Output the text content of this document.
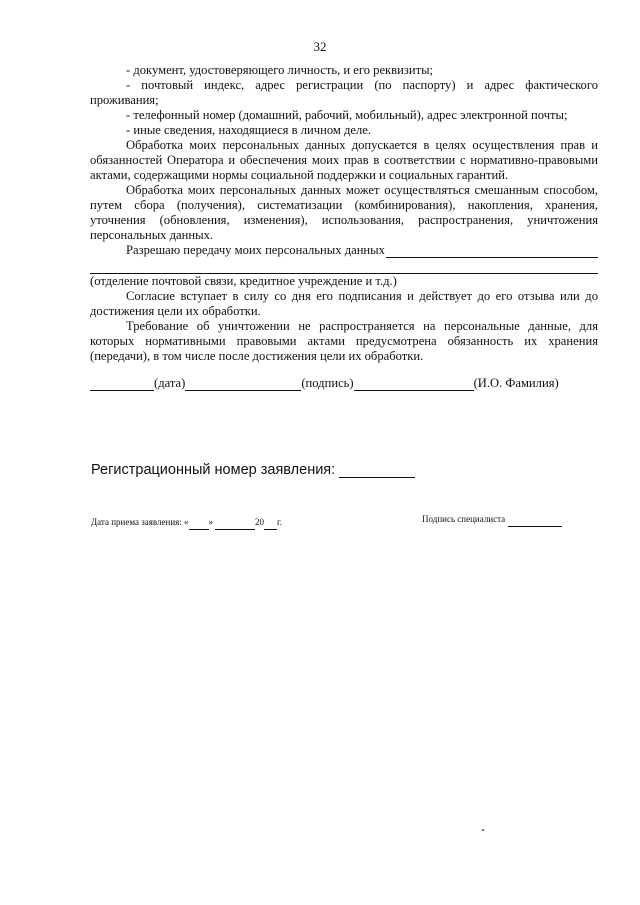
32

- документ, удостоверяющего личность, и его реквизиты;

- почтовый индекс, адрес регистрации (по паспорту) и адрес фактического проживания;

- телефонный номер (домашний, рабочий, мобильный), адрес электронной почты;

- иные сведения, находящиеся в личном деле.

Обработка моих персональных данных допускается в целях осуществления прав и обязанностей Оператора и обеспечения моих прав в соответствии с нормативно-правовыми актами, содержащими нормы социальной поддержки и социальных гарантий.

Обработка моих персональных данных может осуществляться смешанным способом, путем сбора (получения), систематизации (комбинирования), накопления, хранения, уточнения (обновления, изменения), использования, распространения, уничтожения персональных данных.

Разрешаю передачу моих персональных данных

(отделение почтовой связи, кредитное учреждение и т.д.)

Согласие вступает в силу со дня его подписания и действует до его отзыва или до достижения цели их обработки.

Требование об уничтожении не распространяется на персональные данные, для которых нормативными правовыми актами предусмотрена обязанность их хранения (передачи), в том числе после достижения цели их обработки.

(дата)	(подпись)	(И.О. Фамилия)
Регистрационный номер заявления:
Дата приема заявления: « »	20 г.	Подпись специалиста
